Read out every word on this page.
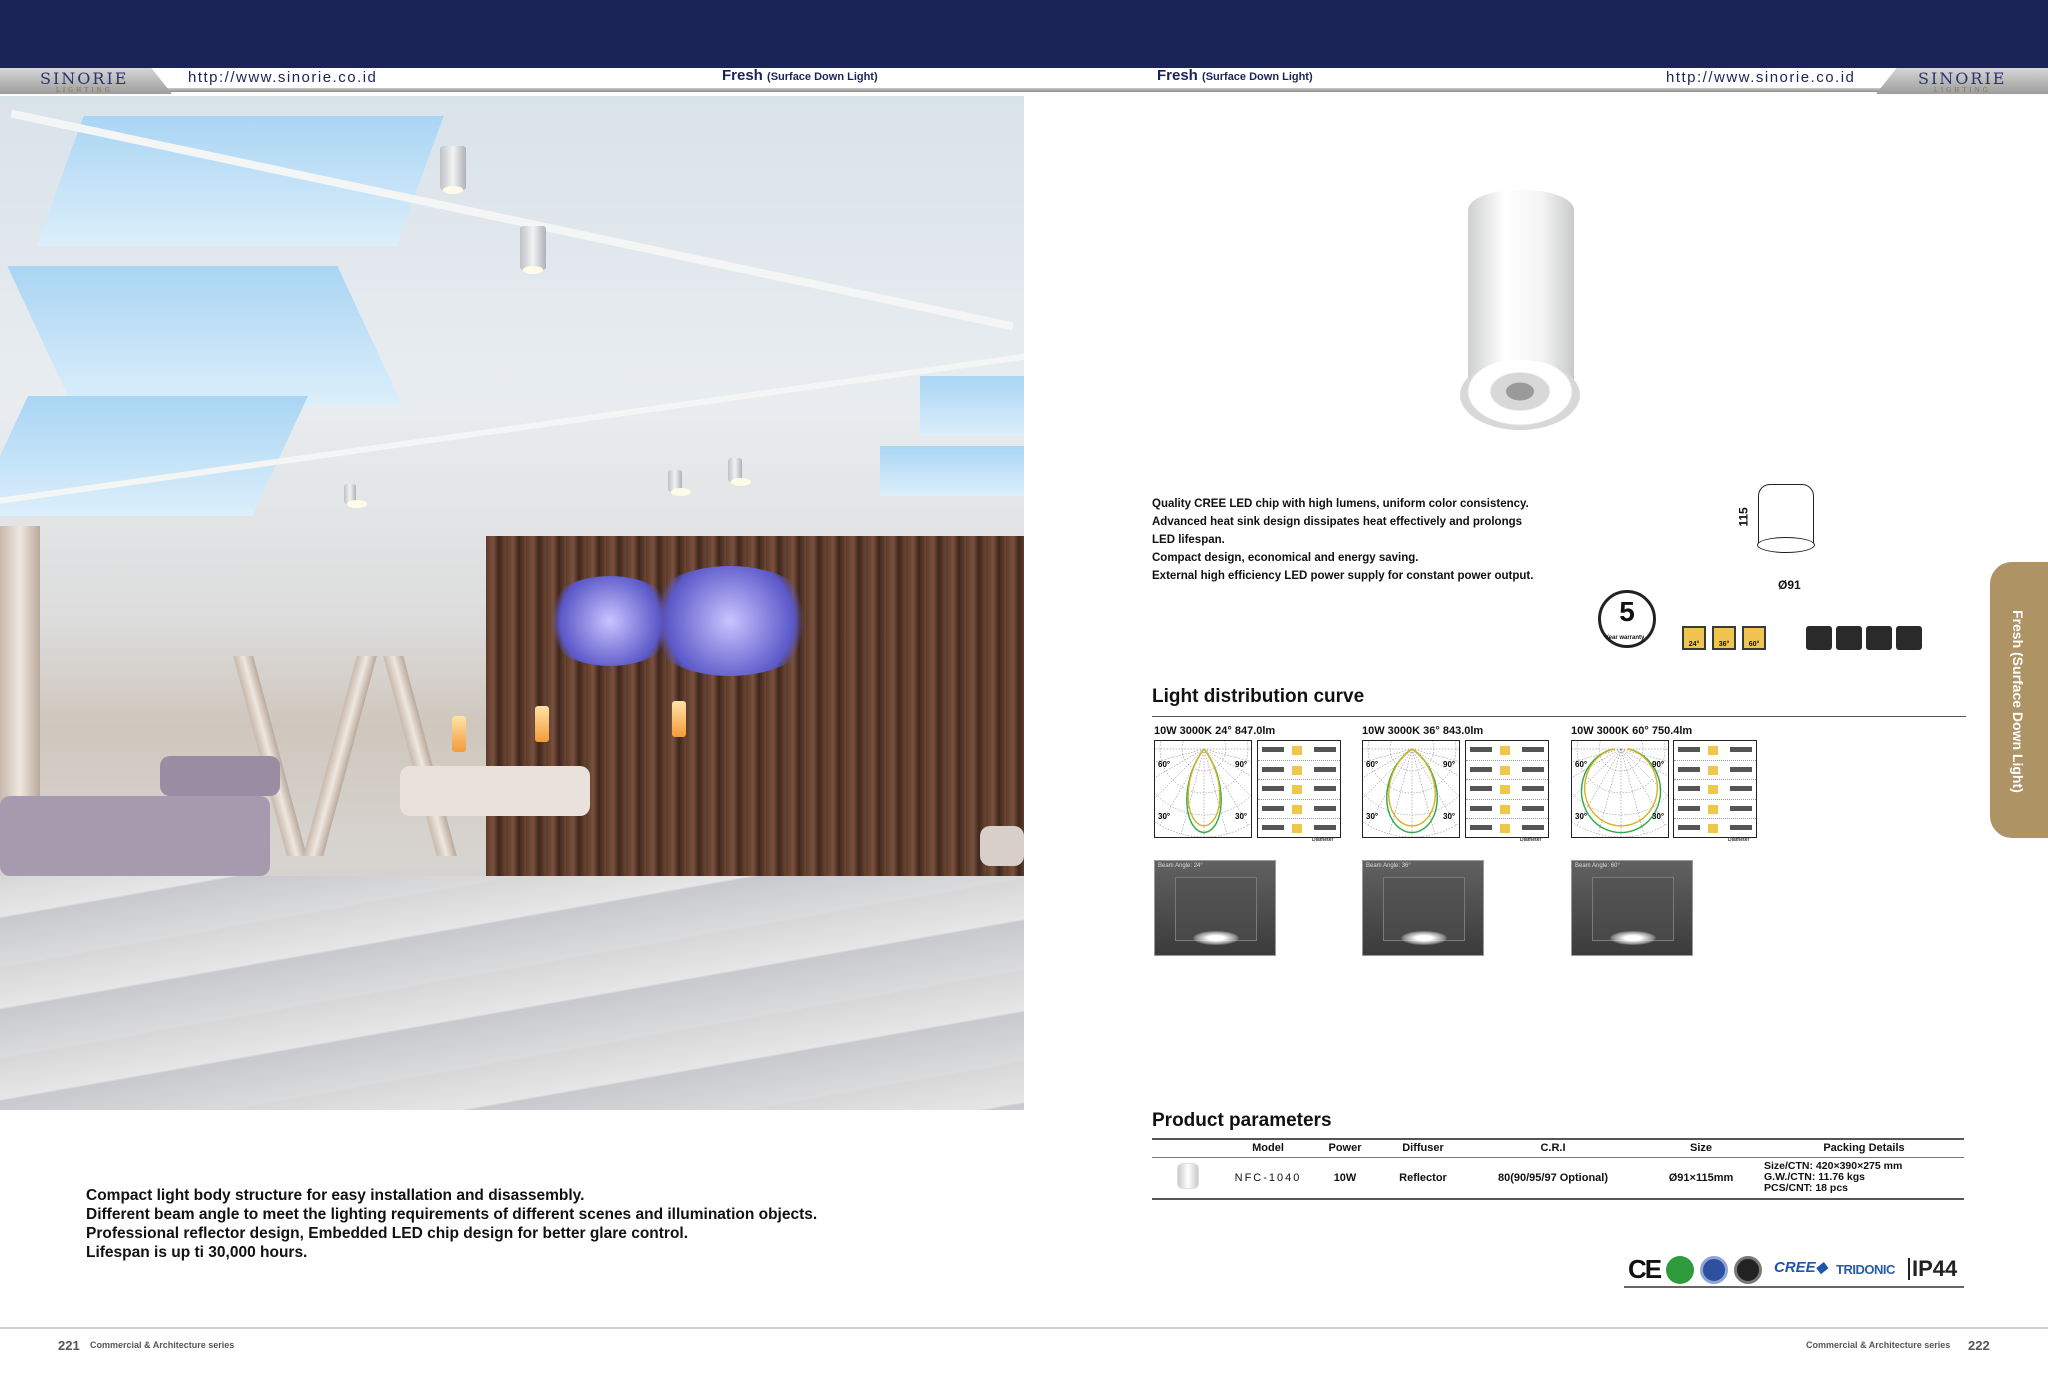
SINORIE
LIGHTING
SINORIE
LIGHTING
http://www.sinorie.co.id	http://www.sinorie.co.id
Fresh (Surface Down Light)	Fresh (Surface Down Light)
Compact light body structure for easy installation and disassembly.
Different beam angle to meet the lighting requirements of different scenes and illumination objects.
Professional reflector design, Embedded LED chip design for better glare control.
Lifespan is up ti 30,000 hours.
Quality CREE LED chip with high lumens, uniform color consistency.
Advanced heat sink design dissipates heat effectively and prolongs
LED lifespan.
Compact design, economical and energy saving.
External high efficiency LED power supply for constant power output.
115
Ø91
5
Year warranty
24°	36°	60°	Fresh (Surface Down Light)
Light distribution curve
10W 3000K 24° 847.0lm	10W 3000K 36° 843.0lm	10W 3000K 60° 750.4lm
60°	90°
30°	30°
60°	90°
30°	30°
60°	90°
30°	30°
Diameter	Diameter	Diameter
Beam Angle: 24°	Beam Angle: 36°	Beam Angle: 60°
Product parameters
	Model	Power	Diffuser	C.R.I	Size	Packing Details
	NFC-1040	10W	Reflector	80(90/95/97 Optional)	Ø91×115mm	Size/CTN: 420×390×275 mm
G.W./CTN: 11.76 kgs
PCS/CNT: 18 pcs
CE	CREE◆ TRIDONIC IP44
221 Commercial & Architecture series	Commercial & Architecture series 222
